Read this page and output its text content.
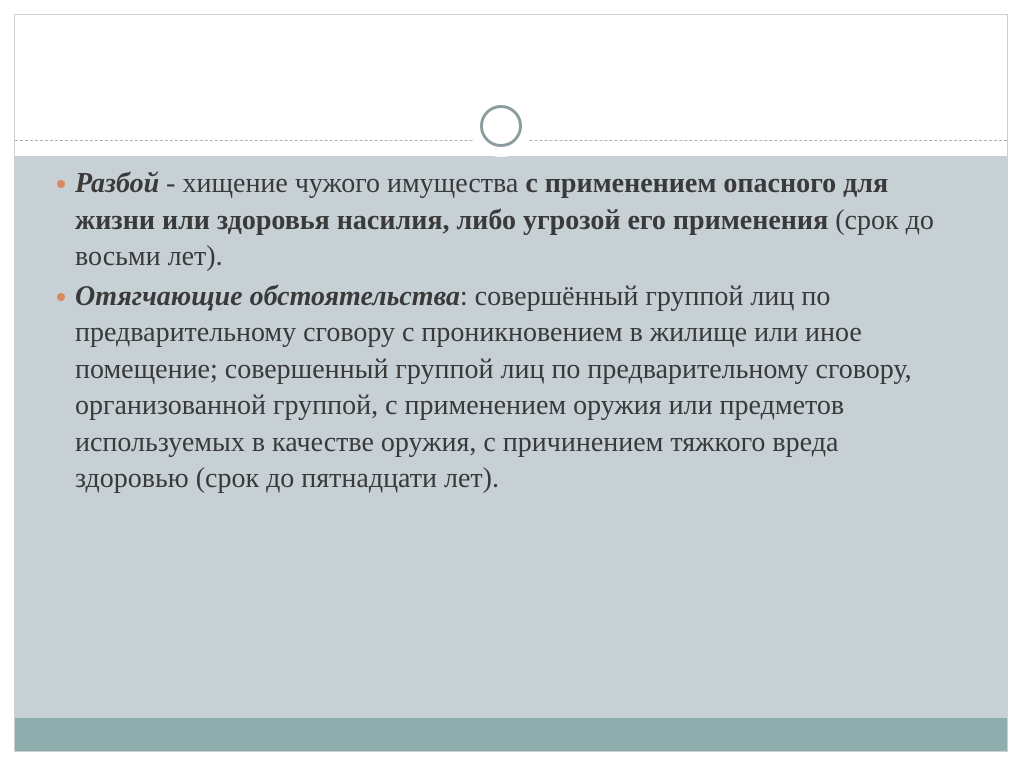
Разбой - хищение чужого имущества с применением опасного для жизни или здоровья насилия, либо угрозой его применения (срок до восьми лет).
Отягчающие обстоятельства: совершённый группой лиц по предварительному сговору с проникновением в жилище или иное помещение; совершенный группой лиц по предварительному сговору, организованной группой, с применением оружия или предметов используемых в качестве оружия, с причинением тяжкого вреда здоровью (срок до пятнадцати лет).
